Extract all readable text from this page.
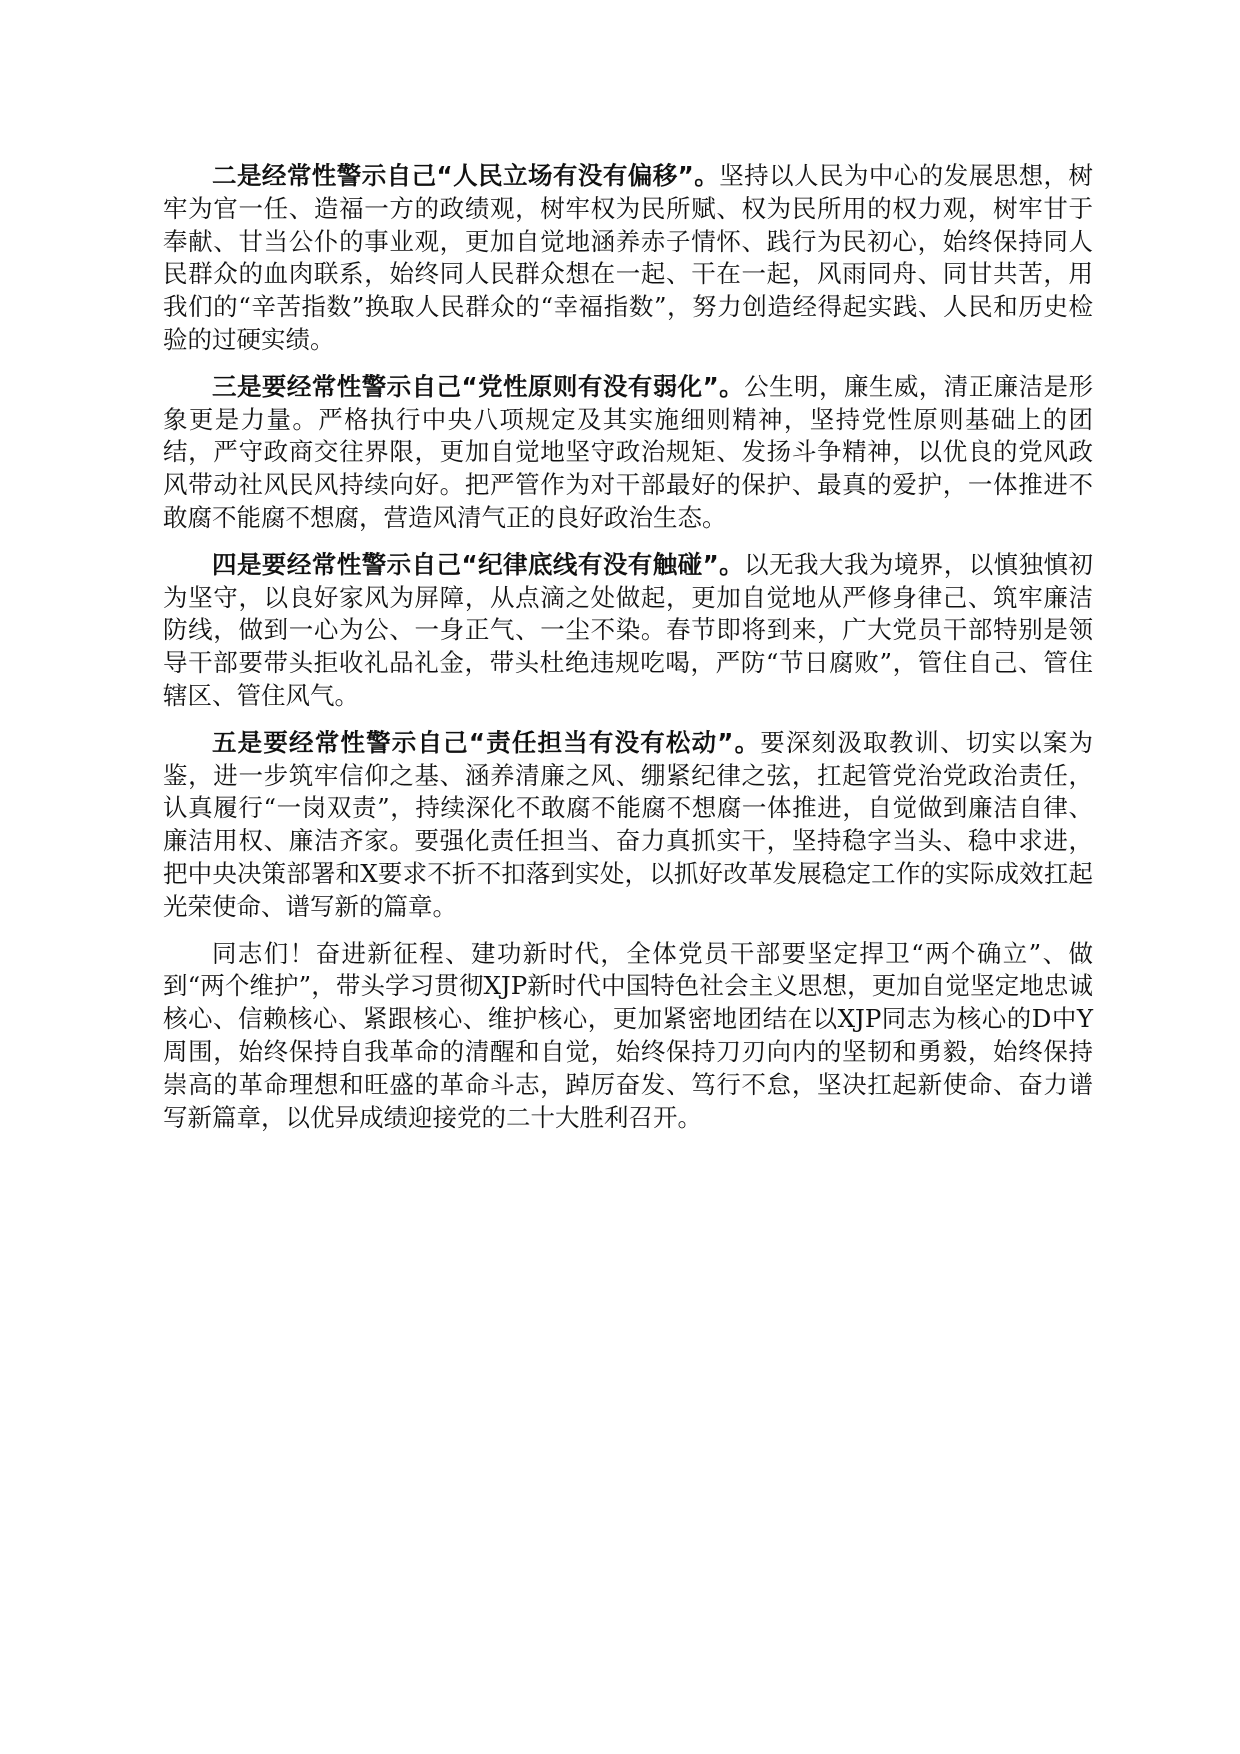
二是经常性警示自己“人民立场有没有偏移”。坚持以人民为中心的发展思想，树牢为官一任、造福一方的政绩观，树牢权为民所赋、权为民所用的权力观，树牢甘于奉献、甘当公仆的事业观，更加自觉地涵养赤子情怀、践行为民初心，始终保持同人民群众的血肉联系，始终同人民群众想在一起、干在一起，风雨同舟、同甘共苦，用我们的“辛苦指数”换取人民群众的“幸福指数”，努力创造经得起实践、人民和历史检验的过硬实绩。

三是要经常性警示自己“党性原则有没有弱化”。公生明，廉生威，清正廉洁是形象更是力量。严格执行中央八项规定及其实施细则精神，坚持党性原则基础上的团结，严守政商交往界限，更加自觉地坚守政治规矩、发扬斗争精神，以优良的党风政风带动社风民风持续向好。把严管作为对干部最好的保护、最真的爱护，一体推进不敢腐不能腐不想腐，营造风清气正的良好政治生态。

四是要经常性警示自己“纪律底线有没有触碰”。以无我大我为境界，以慎独慎初为坚守，以良好家风为屏障，从点滴之处做起，更加自觉地从严修身律己、筑牢廉洁防线，做到一心为公、一身正气、一尘不染。春节即将到来，广大党员干部特别是领导干部要带头拒收礼品礼金，带头杜绝违规吃喝，严防“节日腐败”，管住自己、管住辖区、管住风气。

五是要经常性警示自己“责任担当有没有松动”。要深刻汲取教训、切实以案为鉴，进一步筑牢信仰之基、涵养清廉之风、绷紧纪律之弦，扛起管党治党政治责任，认真履行“一岗双责”，持续深化不敢腐不能腐不想腐一体推进，自觉做到廉洁自律、廉洁用权、廉洁齐家。要强化责任担当、奋力真抓实干，坚持稳字当头、稳中求进，把中央决策部署和X要求不折不扣落到实处，以抓好改革发展稳定工作的实际成效扛起光荣使命、谱写新的篇章。

同志们！奋进新征程、建功新时代，全体党员干部要坚定捍卫“两个确立”、做到“两个维护”，带头学习贯彻XJP新时代中国特色社会主义思想，更加自觉坚定地忠诚核心、信赖核心、紧跟核心、维护核心，更加紧密地团结在以XJP同志为核心的D中Y周围，始终保持自我革命的清醒和自觉，始终保持刀刃向内的坚韧和勇毅，始终保持崇高的革命理想和旺盛的革命斗志，踔厉奋发、笃行不怠，坚决扛起新使命、奋力谱写新篇章，以优异成绩迎接党的二十大胜利召开。
